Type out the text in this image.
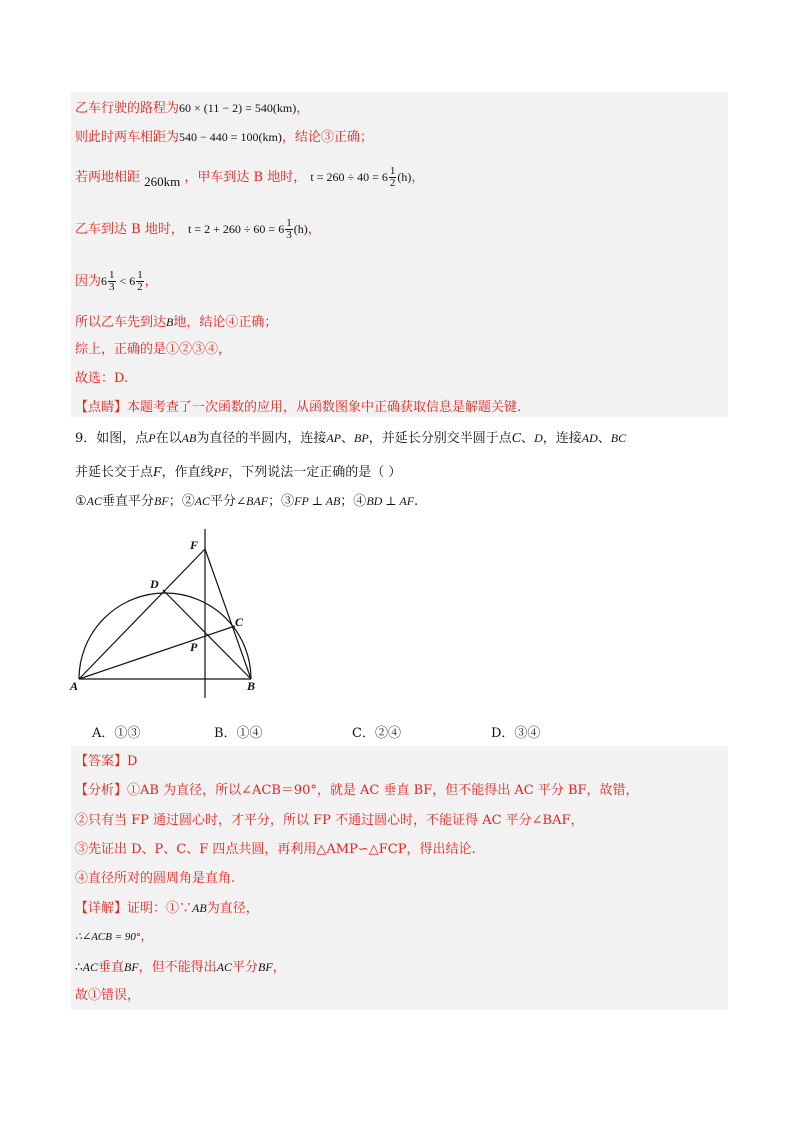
乙车行驶的路程为60 × (11 − 2) = 540(km)，
则此时两车相距为540 − 440 = 100(km)，结论③正确；
若两地相距 260km ，甲车到达 B 地时， $t = 260 \div 40 = 6 \frac{1}{2} (h)$，
乙车到达 B 地时， $t = 2 + 260 \div 60 = 6 \frac{1}{3} (h)$，
因为$6 \frac{1}{3} < 6 \frac{1}{2}$ ，
所以乙车先到达B地，结论④正确；
综上，正确的是①②③④，
故选：D.
【点睛】本题考查了一次函数的应用，从函数图象中正确获取信息是解题关键.
9．如图，点P在以AB为直径的半圆内，连接AP、BP，并延长分别交半圆于点C、D，连接AD、BC
并延长交于点F，作直线PF，下列说法一定正确的是（ ）
①AC垂直平分BF；②AC平分∠BAF；③FP ⊥ AB；④BD ⊥ AF.
F
D
C
P
A	B
A．①③	B．①④	C．②④	D．③④
【答案】D
【分析】①AB 为直径，所以∠ACB＝90°，就是 AC 垂直 BF，但不能得出 AC 平分 BF，故错，
②只有当 FP 通过圆心时，才平分，所以 FP 不通过圆心时，不能证得 AC 平分∠BAF，
③先证出 D、P、C、F 四点共圆，再利用△AMP∽△FCP，得出结论.
④直径所对的圆周角是直角.
【详解】证明：①∵AB为直径，
∴∠ACB = 90°，
∴AC垂直BF，但不能得出AC平分BF，
故①错误，
